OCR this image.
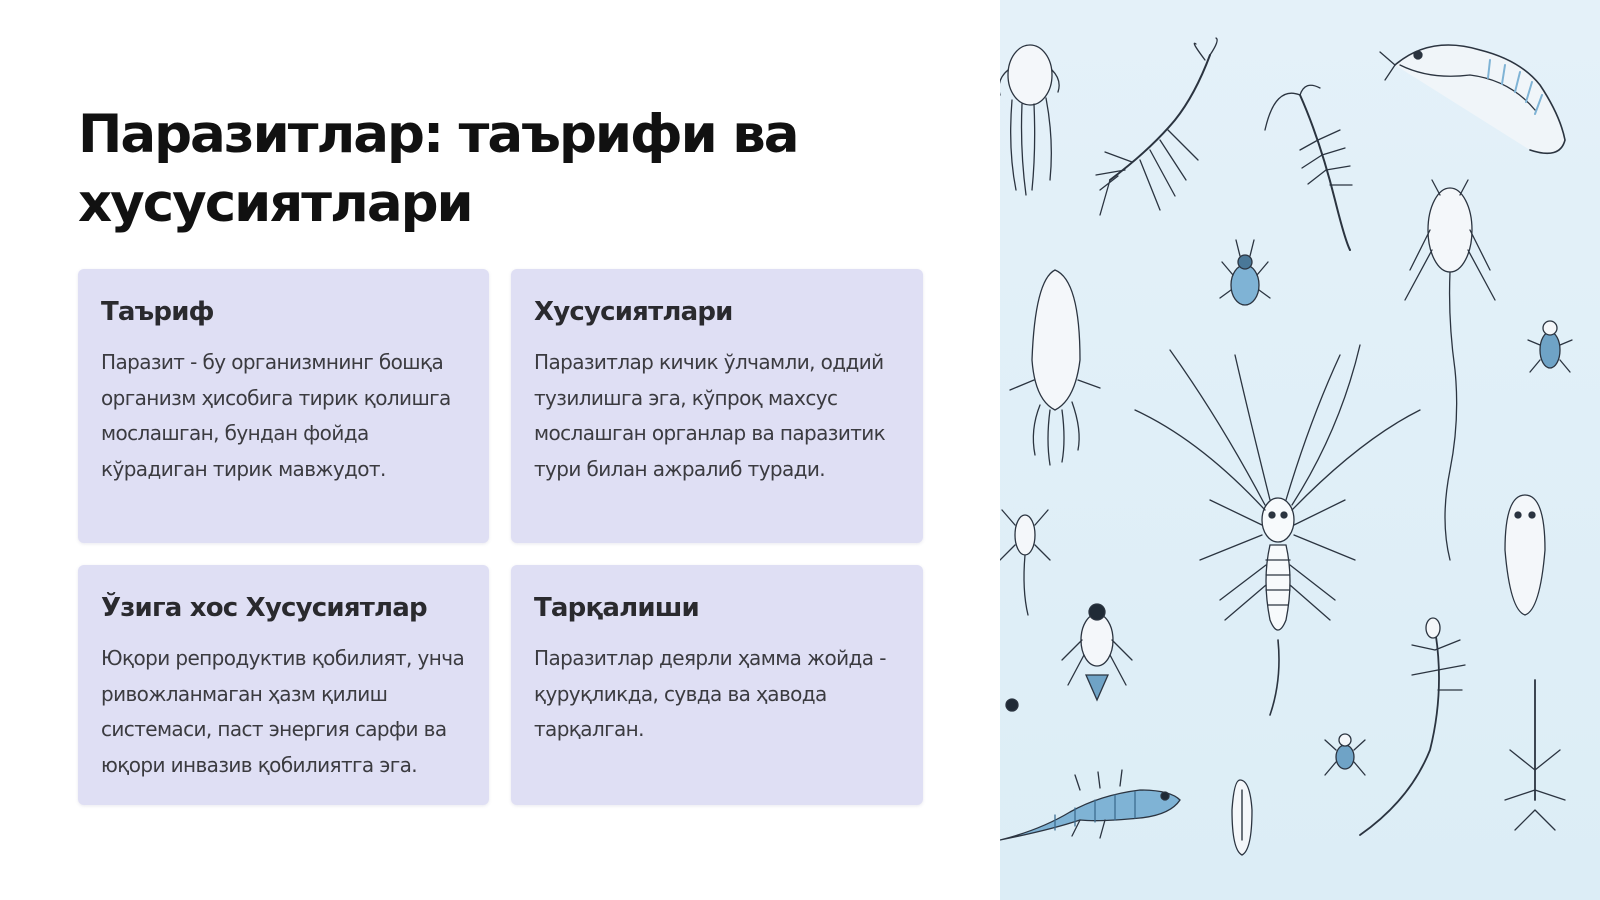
Паразитлар: таърифи ва хусусиятлари
Таъриф

Паразит - бу организмнинг бошқа организм ҳисобига тирик қолишга мослашган, бундан фойда кўрадиган тирик мавжудот.

Хусусиятлари

Паразитлар кичик ўлчамли, оддий тузилишга эга, кўпроқ махсус мослашган органлар ва паразитик тури билан ажралиб туради.

Ўзига хос Хусусиятлар

Юқори репродуктив қобилият, унча ривожланмаган ҳазм қилиш системаси, паст энергия сарфи ва юқори инвазив қобилиятга эга.

Тарқалиши

Паразитлар деярли ҳамма жойда - қуруқликда, сувда ва ҳаводa тарқалган.
